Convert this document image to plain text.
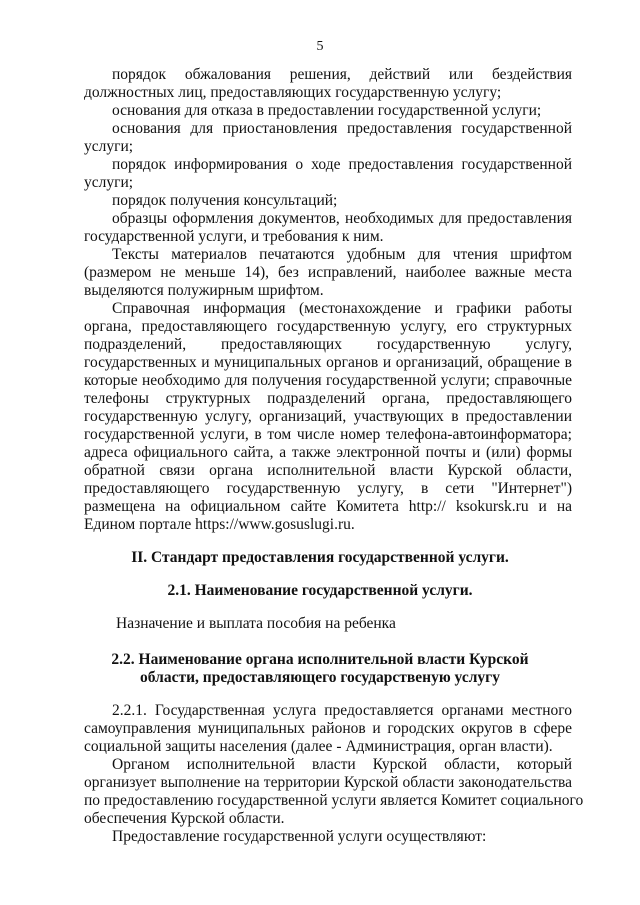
5
порядок обжалования решения, действий или бездействия
должностных лиц, предоставляющих государственную услугу;
основания для отказа в предоставлении государственной услуги;
основания для приостановления предоставления государственной
услуги;
порядок информирования о ходе предоставления государственной
услуги;
порядок получения консультаций;
образцы оформления документов, необходимых для предоставления
государственной услуги, и требования к ним.
Тексты материалов печатаются удобным для чтения шрифтом
(размером не меньше 14), без исправлений, наиболее важные места
выделяются полужирным шрифтом.
Справочная информация (местонахождение и графики работы
органа, предоставляющего государственную услугу, его структурных
подразделений, предоставляющих государственную услугу,
государственных и муниципальных органов и организаций, обращение в
которые необходимо для получения государственной услуги; справочные
телефоны структурных подразделений органа, предоставляющего
государственную услугу, организаций, участвующих в предоставлении
государственной услуги, в том числе номер телефона-автоинформатора;
адреса официального сайта, а также электронной почты и (или) формы
обратной связи органа исполнительной власти Курской области,
предоставляющего государственную услугу, в сети "Интернет")
размещена на официальном сайте Комитета http:// ksokursk.ru и на
Едином портале https://www.gosuslugi.ru.
II. Стандарт предоставления государственной услуги.
2.1. Наименование государственной услуги.
Назначение и выплата пособия на ребенка
2.2. Наименование органа исполнительной власти Курской
области, предоставляющего государственую услугу
2.2.1. Государственная услуга предоставляется органами местного
самоуправления муниципальных районов и городских округов в сфере
социальной защиты населения (далее - Администрация, орган власти).
Органом исполнительной власти Курской области, который
организует выполнение на территории Курской области законодательства
по предоставлению государственной услуги является Комитет социального
обеспечения Курской области.
Предоставление государственной услуги осуществляют:
